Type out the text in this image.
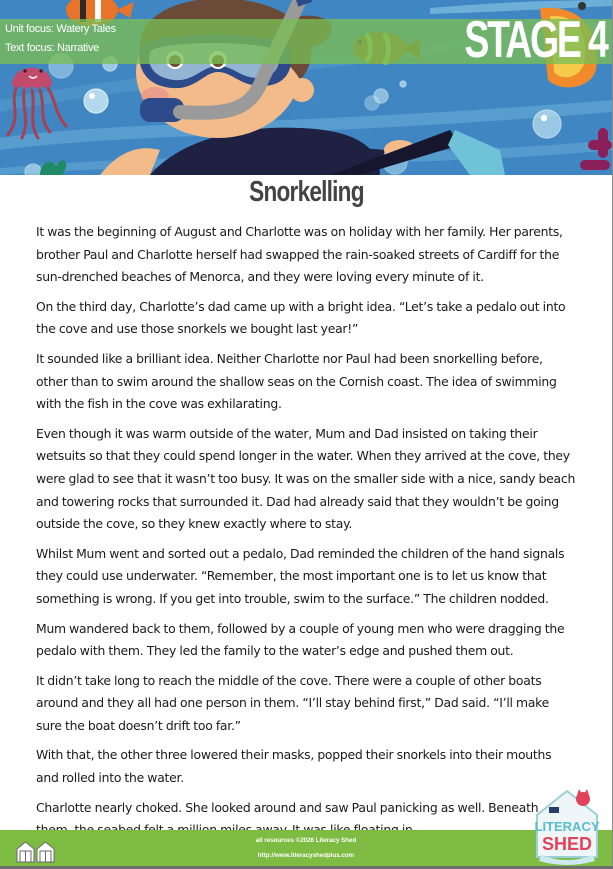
Unit focus: Watery Tales
Text focus: Narrative	STAGE 4
Snorkelling

It was the beginning of August and Charlotte was on holiday with her family. Her parents, brother Paul and Charlotte herself had swapped the rain-soaked streets of Cardiff for the sun-drenched beaches of Menorca, and they were loving every minute of it.

On the third day, Charlotte’s dad came up with a bright idea. “Let’s take a pedalo out into the cove and use those snorkels we bought last year!”

It sounded like a brilliant idea. Neither Charlotte nor Paul had been snorkelling before, other than to swim around the shallow seas on the Cornish coast. The idea of swimming with the fish in the cove was exhilarating.

Even though it was warm outside of the water, Mum and Dad insisted on taking their wetsuits so that they could spend longer in the water. When they arrived at the cove, they were glad to see that it wasn’t too busy. It was on the smaller side with a nice, sandy beach and towering rocks that surrounded it. Dad had already said that they wouldn’t be going outside the cove, so they knew exactly where to stay.

Whilst Mum went and sorted out a pedalo, Dad reminded the children of the hand signals they could use underwater. “Remember, the most important one is to let us know that something is wrong. If you get into trouble, swim to the surface.” The children nodded.

Mum wandered back to them, followed by a couple of young men who were dragging the pedalo with them. They led the family to the water’s edge and pushed them out.

It didn’t take long to reach the middle of the cove. There were a couple of other boats around and they all had one person in them. “I’ll stay behind first,” Dad said. “I’ll make sure the boat doesn’t drift too far.”

With that, the other three lowered their masks, popped their snorkels into their mouths and rolled into the water.

Charlotte nearly choked. She looked around and saw Paul panicking as well. Beneath

all resources ©2026 Literacy Shed
http://www.literacyshedplus.com
LITERACY
SHED
